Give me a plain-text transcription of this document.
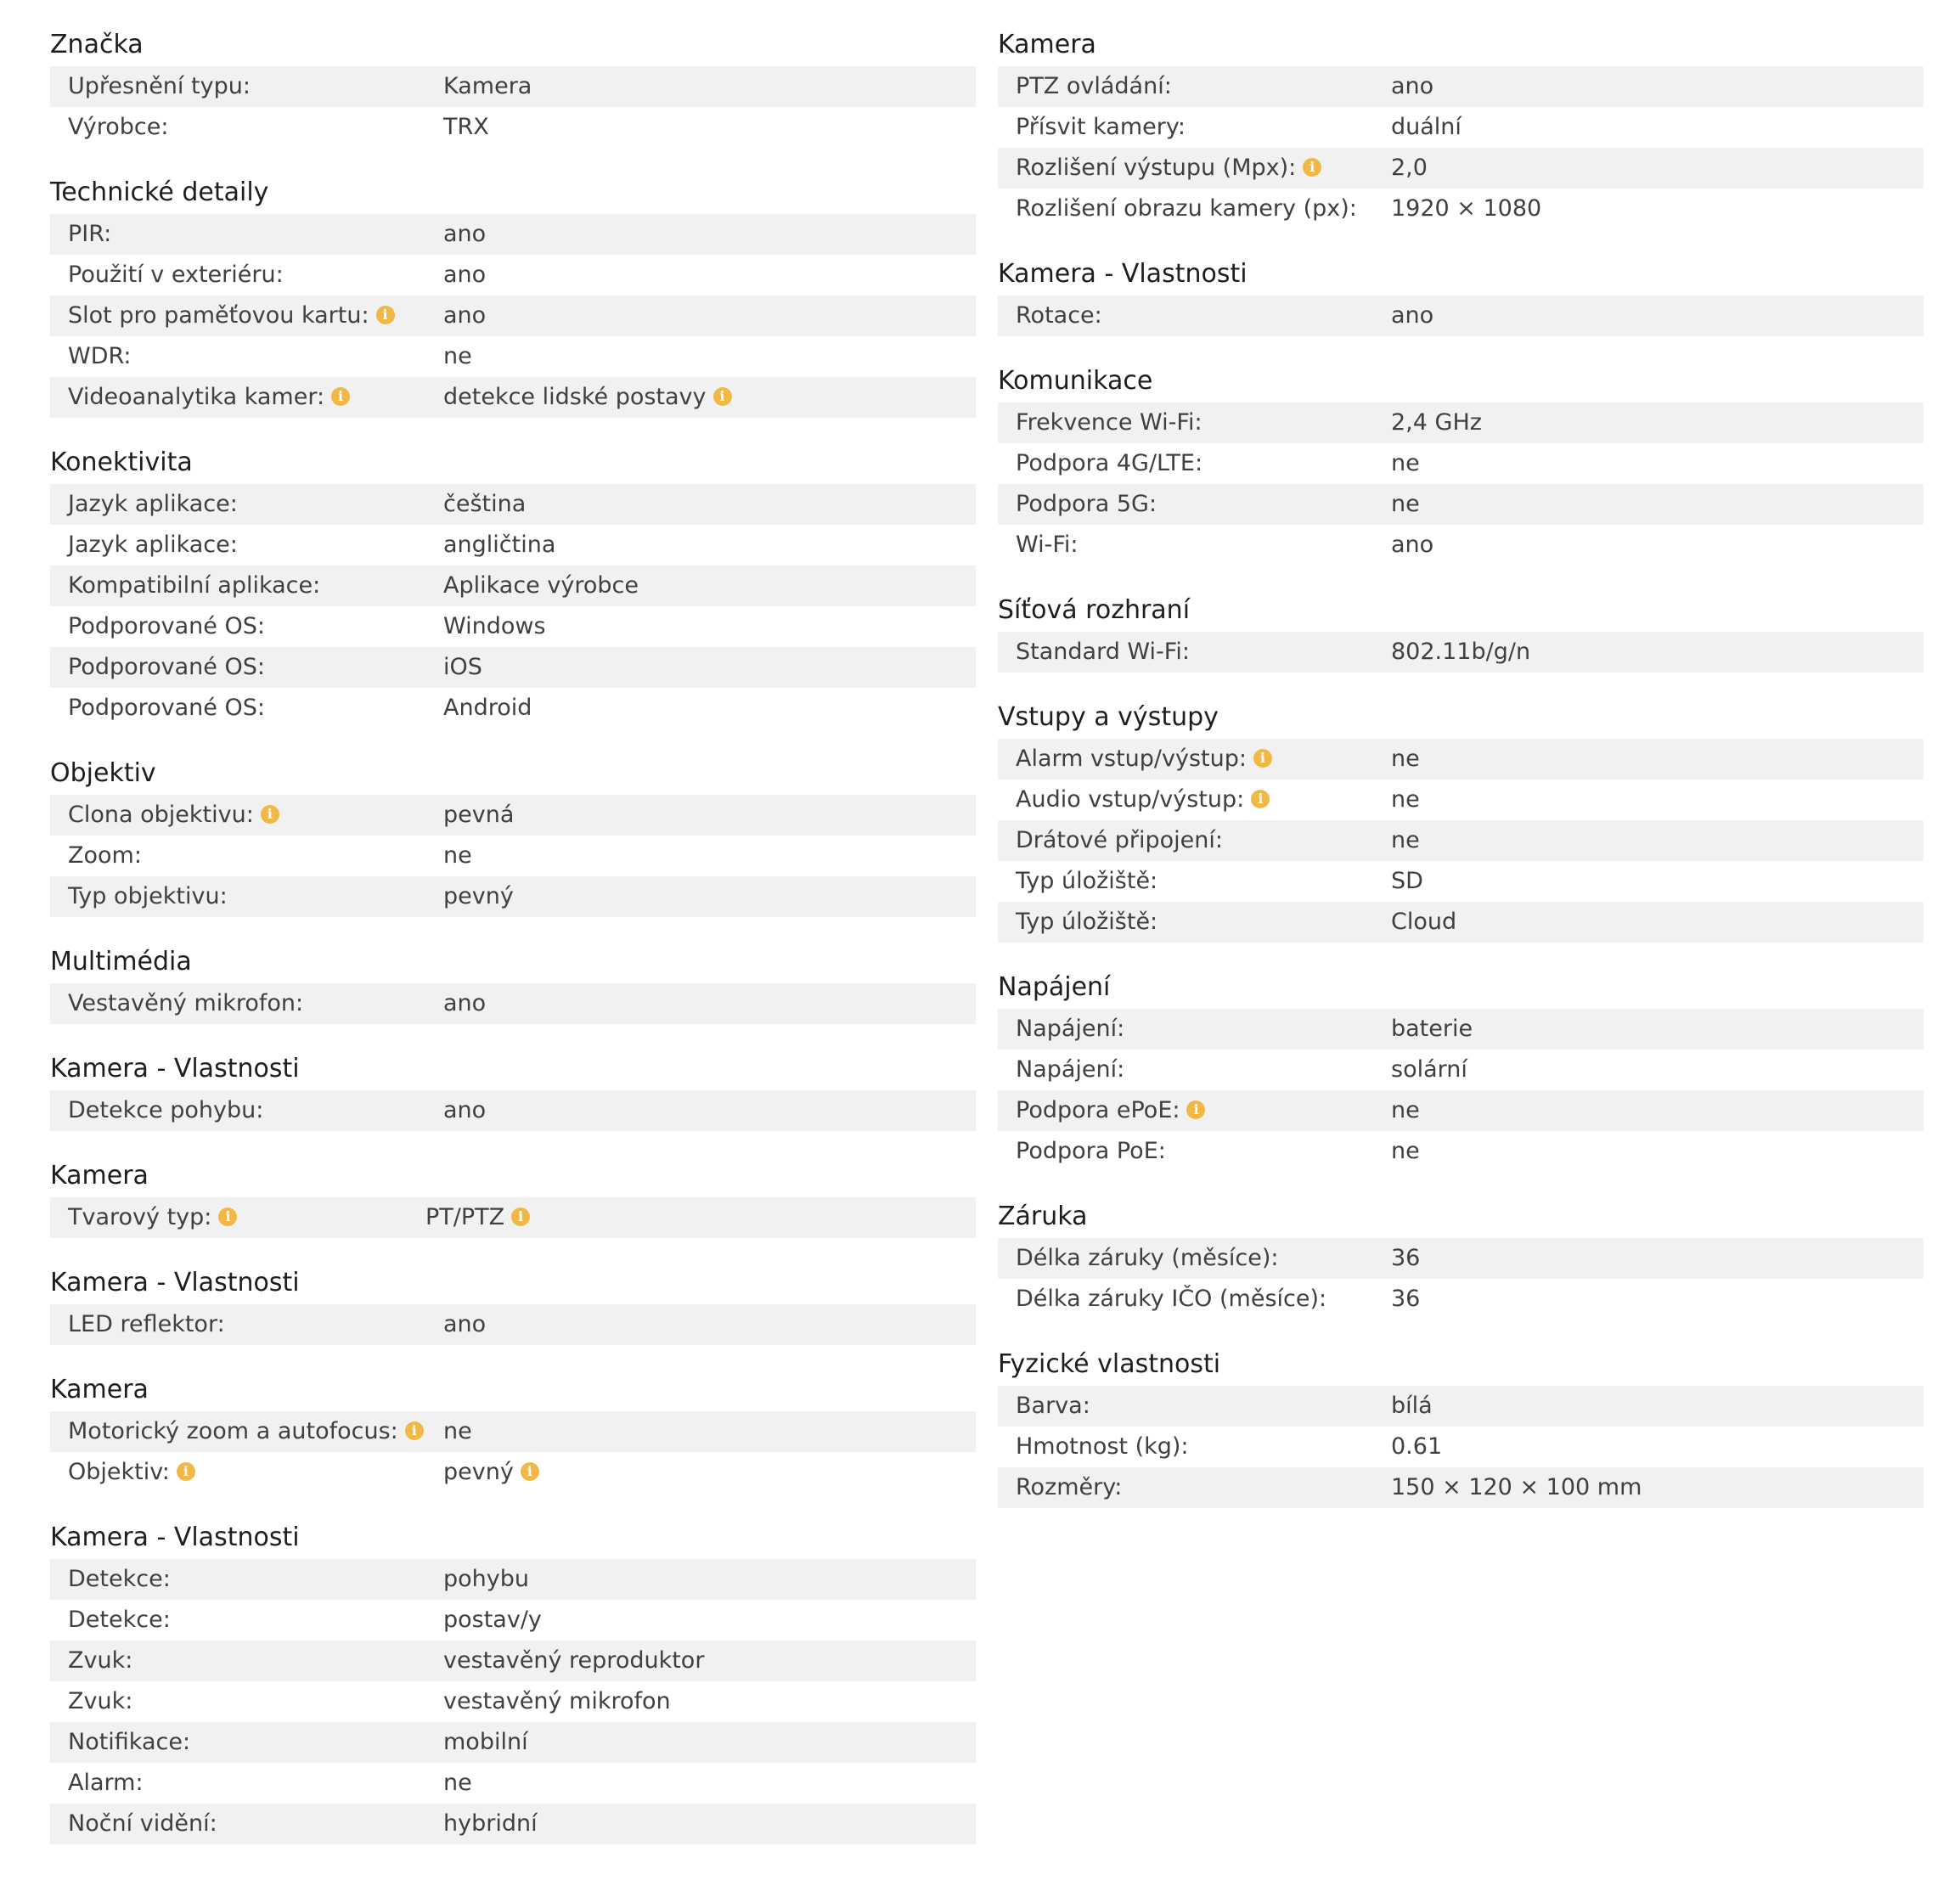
Značka
Upřesnění typu:	Kamera
Výrobce:	TRX
Technické detaily
PIR:	ano
Použití v exteriéru:	ano
Slot pro paměťovou kartu: i ano
WDR:	ne
Videoanalytika kamer: i	detekce lidské postavy i
Konektivita
Jazyk aplikace:	čeština
Jazyk aplikace:	angličtina
Kompatibilní aplikace:	Aplikace výrobce
Podporované OS:	Windows
Podporované OS:	iOS
Podporované OS:	Android
Objektiv
Clona objektivu: i	pevná
Zoom:	ne
Typ objektivu:	pevný
Multimédia
Vestavěný mikrofon:	ano
Kamera - Vlastnosti
Detekce pohybu:	ano
Kamera
Tvarový typ: i	PT/PTZ i
Kamera - Vlastnosti
LED reflektor:	ano
Kamera
Motorický zoom a autofocus: i ne
Objektiv: i	pevný i
Kamera - Vlastnosti
Detekce:	pohybu
Detekce:	postav/y
Zvuk:	vestavěný reproduktor
Zvuk:	vestavěný mikrofon
Notifikace:	mobilní
Alarm:	ne
Noční vidění:	hybridní
Kamera
PTZ ovládání:	ano
Přísvit kamery:	duální
Rozlišení výstupu (Mpx): i	2,0
Rozlišení obrazu kamery (px): 1920 × 1080
Kamera - Vlastnosti
Rotace:	ano
Komunikace
Frekvence Wi-Fi:	2,4 GHz
Podpora 4G/LTE:	ne
Podpora 5G:	ne
Wi-Fi:	ano
Síťová rozhraní
Standard Wi-Fi:	802.11b/g/n
Vstupy a výstupy
Alarm vstup/výstup: i	ne
Audio vstup/výstup: i	ne
Drátové připojení:	ne
Typ úložiště:	SD
Typ úložiště:	Cloud
Napájení
Napájení:	baterie
Napájení:	solární
Podpora ePoE: i	ne
Podpora PoE:	ne
Záruka
Délka záruky (měsíce):	36
Délka záruky IČO (měsíce):	36
Fyzické vlastnosti
Barva:	bílá
Hmotnost (kg):	0.61
Rozměry:	150 × 120 × 100 mm
